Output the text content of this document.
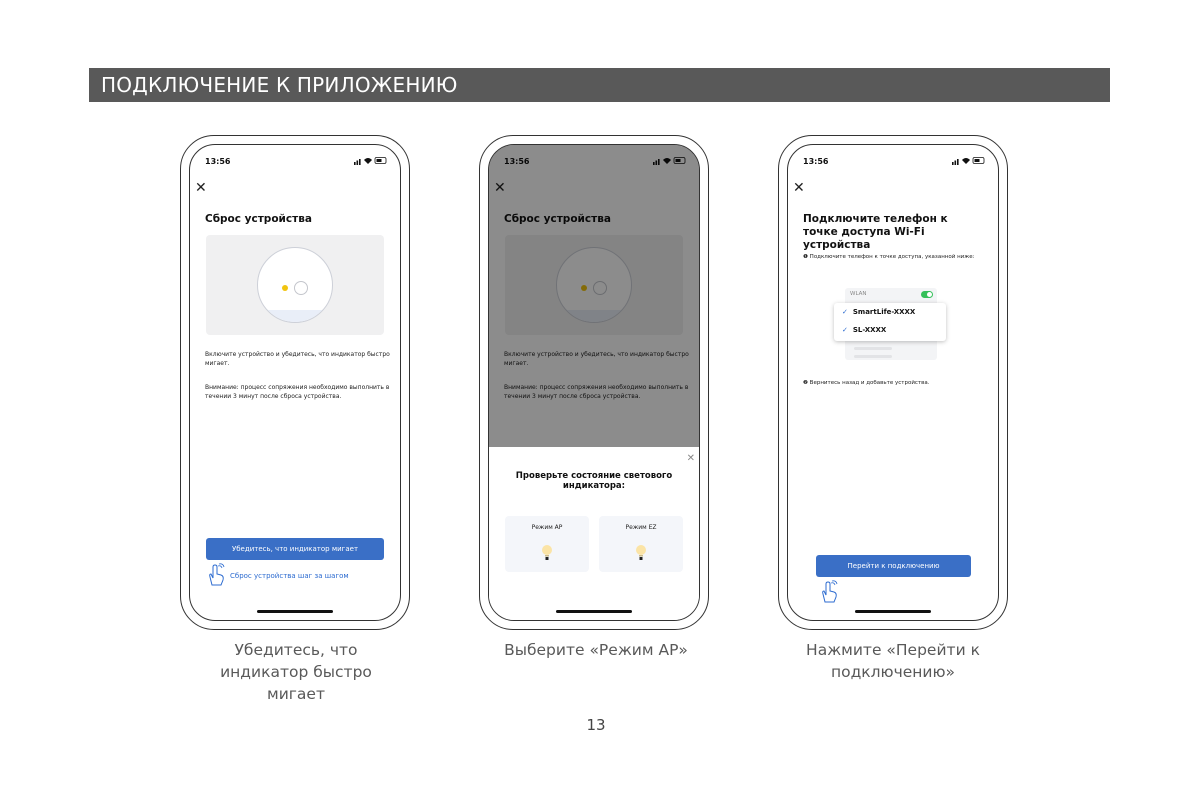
ПОДКЛЮЧЕНИЕ К ПРИЛОЖЕНИЮ
13:56
✕
Сброс устройства
Включите устройство и убедитесь, что индикатор быстро мигает.
Внимание: процесс сопряжения необходимо выполнить в течении 3 минут после сброса устройства.
Убедитесь, что индикатор мигает
Сброс устройства шаг за шагом
13:56
✕
Сброс устройства
Включите устройство и убедитесь, что индикатор быстро мигает.
Внимание: процесс сопряжения необходимо выполнить в течении 3 минут после сброса устройства.
✕
Проверьте состояние светового индикатора:
Режим AP	Режим EZ
13:56
✕
Подключите телефон к точке доступа Wi-Fi устройства
❶ Подключите телефон к точке доступа, указанной ниже:
WLAN
✓ SmartLife-XXXX
✓ SL-XXXX
❷ Вернитесь назад и добавьте устройства.
Перейти к подключению
Убедитесь, что индикатор быстро мигает
Выберите «Режим AP»	Нажмите «Перейти к подключению»
13
